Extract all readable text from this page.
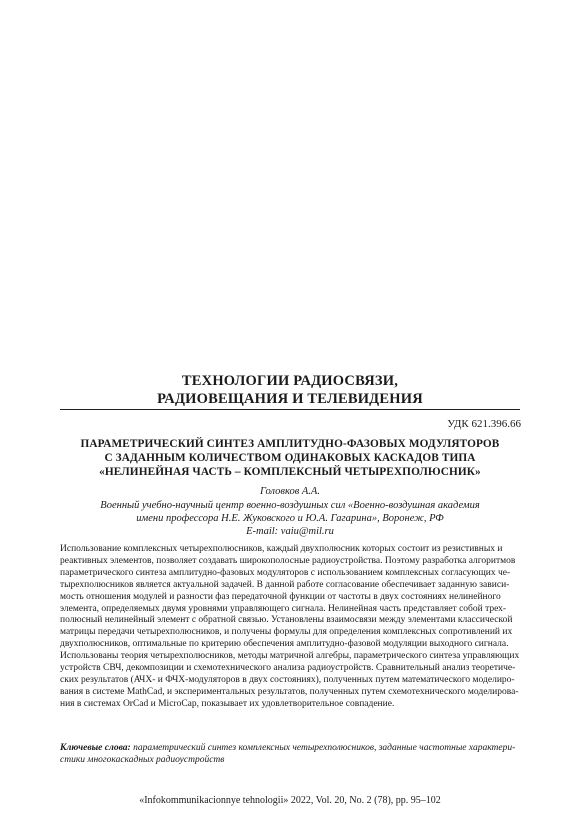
ТЕХНОЛОГИИ РАДИОСВЯЗИ,
РАДИОВЕЩАНИЯ И ТЕЛЕВИДЕНИЯ
УДК 621.396.66
ПАРАМЕТРИЧЕСКИЙ СИНТЕЗ АМПЛИТУДНО-ФАЗОВЫХ МОДУЛЯТОРОВ
С ЗАДАННЫМ КОЛИЧЕСТВОМ ОДИНАКОВЫХ КАСКАДОВ ТИПА
«НЕЛИНЕЙНАЯ ЧАСТЬ – КОМПЛЕКСНЫЙ ЧЕТЫРЕХПОЛЮСНИК»
Головков А.А.
Военный учебно-научный центр военно-воздушных сил «Военно-воздушная академия
имени профессора Н.Е. Жуковского и Ю.А. Гагарина», Воронеж, РФ
E-mail: vaiu@mil.ru
Использование комплексных четырехполюсников, каждый двухполюсник которых состоит из резистивных и
реактивных элементов, позволяет создавать широкополосные радиоустройства. Поэтому разработка алгоритмов
параметрического синтеза амплитудно-фазовых модуляторов с использованием комплексных согласующих че-
тырехполюсников является актуальной задачей. В данной работе согласование обеспечивает заданную зависи-
мость отношения модулей и разности фаз передаточной функции от частоты в двух состояниях нелинейного
элемента, определяемых двумя уровнями управляющего сигнала. Нелинейная часть представляет собой трех-
полюсный нелинейный элемент с обратной связью. Установлены взаимосвязи между элементами классической
матрицы передачи четырехполюсников, и получены формулы для определения комплексных сопротивлений их
двухполюсников, оптимальные по критерию обеспечения амплитудно-фазовой модуляции выходного сигнала.
Использованы теория четырехполюсников, методы матричной алгебры, параметрического синтеза управляющих
устройств СВЧ, декомпозиции и схемотехнического анализа радиоустройств. Сравнительный анализ теоретиче-
ских результатов (АЧХ- и ФЧХ-модуляторов в двух состояниях), полученных путем математического моделиро-
вания в системе MathCad, и экспериментальных результатов, полученных путем схемотехнического моделирова-
ния в системах OrCad и MicroCap, показывает их удовлетворительное совпадение.
Ключевые слова: параметрический синтез комплексных четырехполюсников, заданные частотные характери-
стики многокаскадных радиоустройств
«Infokommunikacionnye tehnologii» 2022, Vol. 20, No. 2 (78), pp. 95–102
